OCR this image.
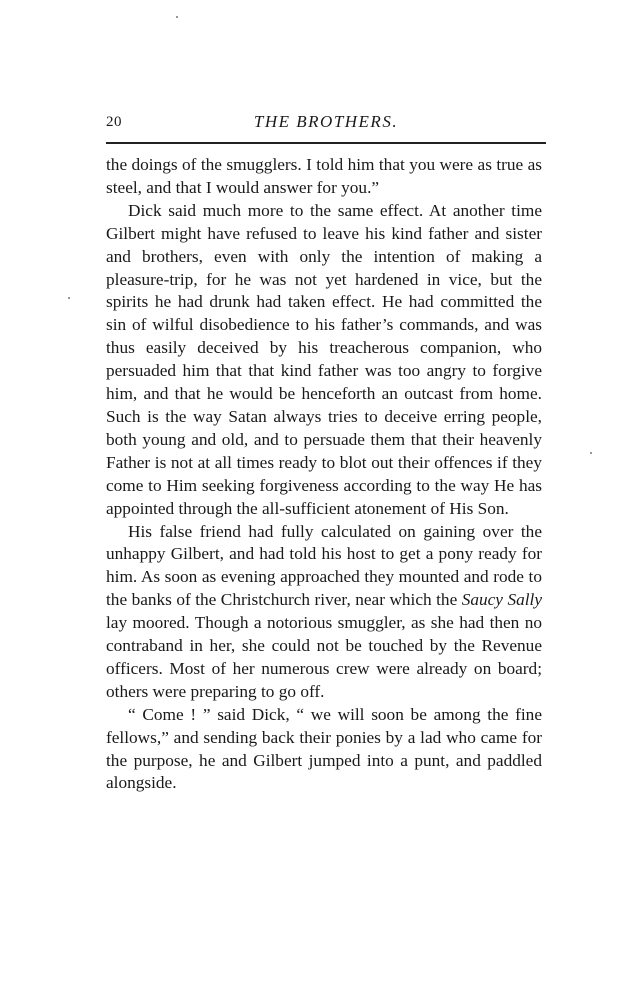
20	THE BROTHERS.

the doings of the smugglers. I told him that you were as true as steel, and that I would answer for you.”

Dick said much more to the same effect. At another time Gilbert might have refused to leave his kind father and sister and brothers, even with only the intention of making a pleasure-trip, for he was not yet hardened in vice, but the spirits he had drunk had taken effect. He had committed the sin of wilful disobedience to his father’s commands, and was thus easily deceived by his treacherous companion, who persuaded him that that kind father was too angry to forgive him, and that he would be henceforth an outcast from home. Such is the way Satan always tries to deceive erring people, both young and old, and to persuade them that their heavenly Father is not at all times ready to blot out their offences if they come to Him seeking forgiveness according to the way He has appointed through the all-sufficient atonement of His Son.

His false friend had fully calculated on gaining over the unhappy Gilbert, and had told his host to get a pony ready for him. As soon as evening approached they mounted and rode to the banks of the Christchurch river, near which the Saucy Sally lay moored. Though a notorious smuggler, as she had then no contraband in her, she could not be touched by the Revenue officers. Most of her numerous crew were already on board; others were preparing to go off.

“ Come ! ” said Dick, “ we will soon be among the fine fellows,” and sending back their ponies by a lad who came for the purpose, he and Gilbert jumped into a punt, and paddled alongside.
